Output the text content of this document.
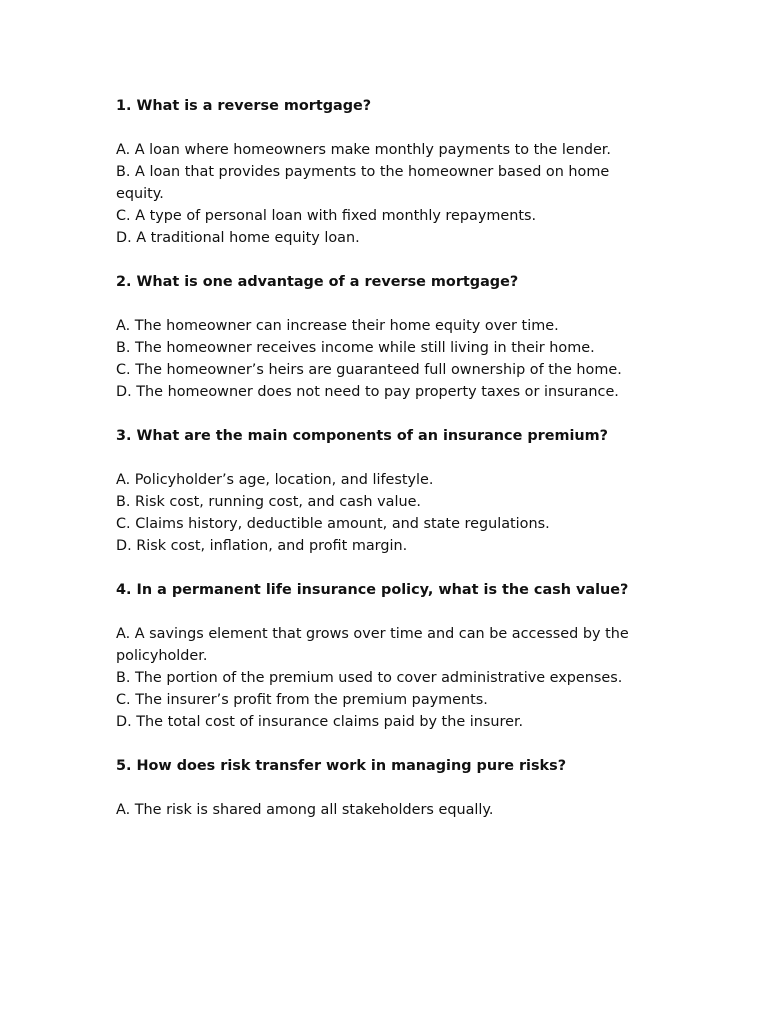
1. What is a reverse mortgage?

A. A loan where homeowners make monthly payments to the lender.

B. A loan that provides payments to the homeowner based on home equity.

C. A type of personal loan with fixed monthly repayments.

D. A traditional home equity loan.

2. What is one advantage of a reverse mortgage?

A. The homeowner can increase their home equity over time.

B. The homeowner receives income while still living in their home.

C. The homeowner’s heirs are guaranteed full ownership of the home.

D. The homeowner does not need to pay property taxes or insurance.

3. What are the main components of an insurance premium?

A. Policyholder’s age, location, and lifestyle.

B. Risk cost, running cost, and cash value.

C. Claims history, deductible amount, and state regulations.

D. Risk cost, inflation, and profit margin.

4. In a permanent life insurance policy, what is the cash value?

A. A savings element that grows over time and can be accessed by the policyholder.

B. The portion of the premium used to cover administrative expenses.

C. The insurer’s profit from the premium payments.

D. The total cost of insurance claims paid by the insurer.

5. How does risk transfer work in managing pure risks?

A. The risk is shared among all stakeholders equally.
